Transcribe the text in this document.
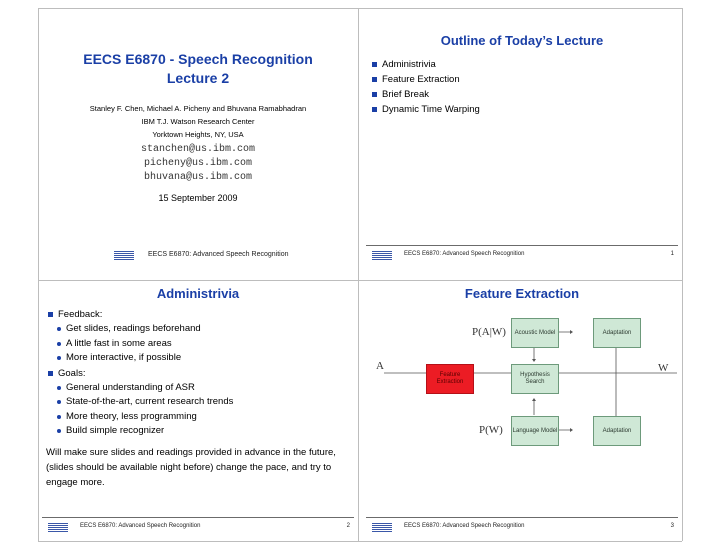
EECS E6870 - Speech Recognition
Lecture 2
Stanley F. Chen, Michael A. Picheny and Bhuvana Ramabhadran
IBM T.J. Watson Research Center
Yorktown Heights, NY, USA
stanchen@us.ibm.com
picheny@us.ibm.com
bhuvana@us.ibm.com
15 September 2009
EECS E6870: Advanced Speech Recognition
Outline of Today’s Lecture
Administrivia
Feature Extraction
Brief Break
Dynamic Time Warping
EECS E6870: Advanced Speech Recognition	1
Administrivia
Feedback:
Get slides, readings beforehand
A little fast in some areas
More interactive, if possible
Goals:
General understanding of ASR
State-of-the-art, current research trends
More theory, less programming
Build simple recognizer

Will make sure slides and readings provided in advance in the future, (slides should be available night before) change the pace, and try to engage more.

EECS E6870: Advanced Speech Recognition	2
Feature Extraction
P(A|W)
P(W)
A	W
Acoustic Model	Adaptation
Feature Extraction
Hypothesis Search
Language Model	Adaptation
EECS E6870: Advanced Speech Recognition	3
